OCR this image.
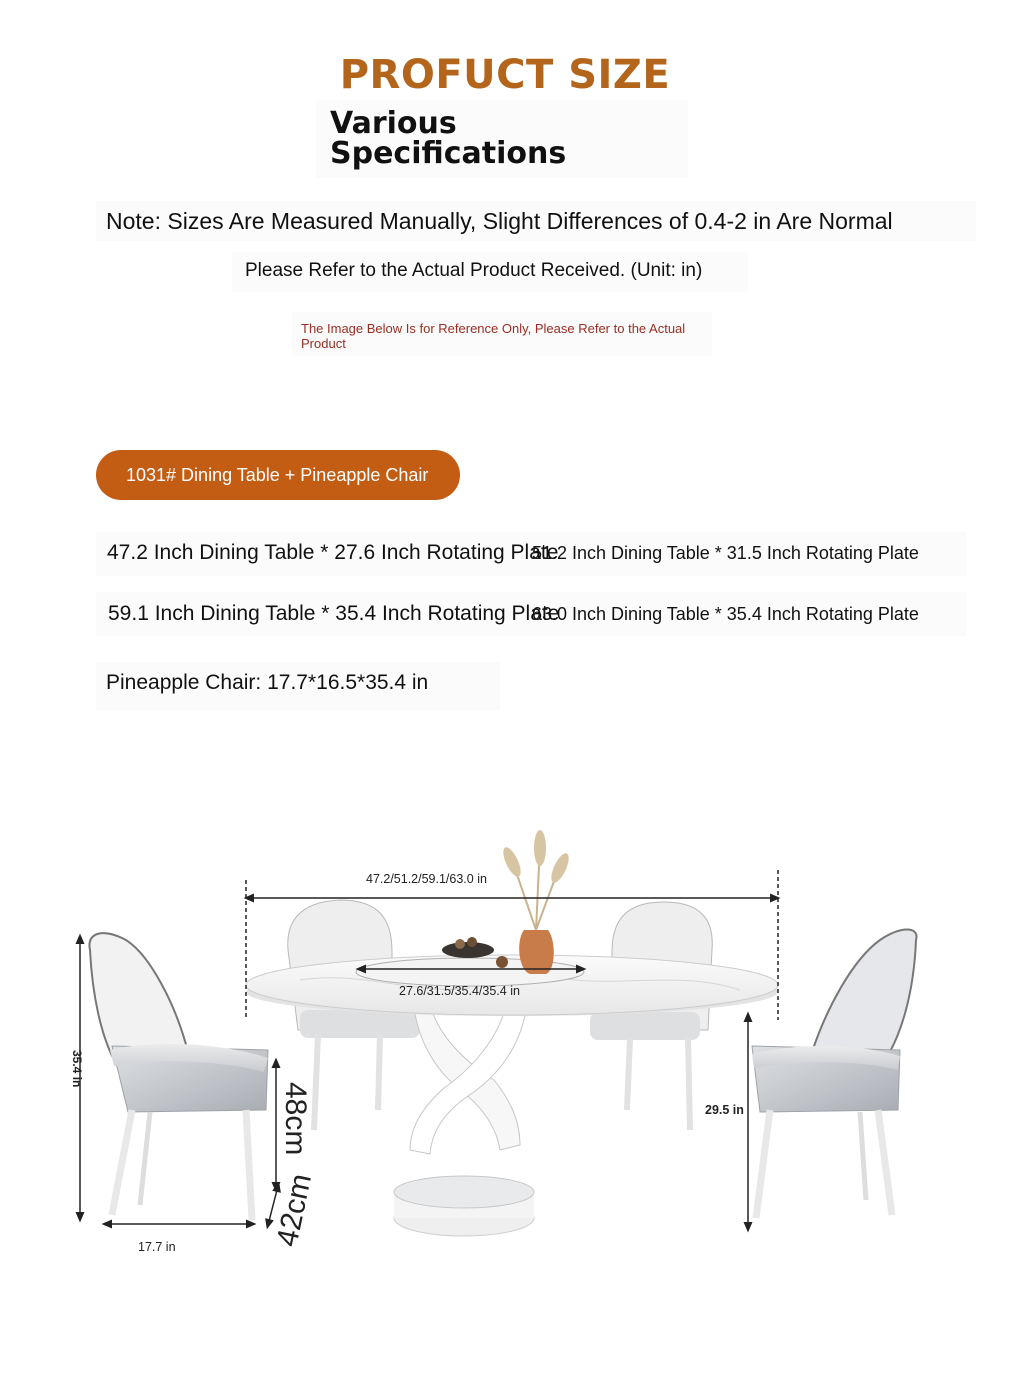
PROFUCT SIZE
Various
Specifications
Note: Sizes Are Measured Manually, Slight Differences of 0.4-2 in Are Normal
Please Refer to the Actual Product Received. (Unit: in)
The Image Below Is for Reference Only, Please Refer to the Actual Product
1031# Dining Table + Pineapple Chair
47.2 Inch Dining Table * 27.6 Inch Rotating Plate
51.2 Inch Dining Table * 31.5 Inch Rotating Plate
59.1 Inch Dining Table * 35.4 Inch Rotating Plate
63.0 Inch Dining Table * 35.4 Inch Rotating Plate
Pineapple Chair: 17.7*16.5*35.4 in
47.2/51.2/59.1/63.0 in
27.6/31.5/35.4/35.4 in
29.5 in
35.4 in
17.7 in
48cm
42cm
